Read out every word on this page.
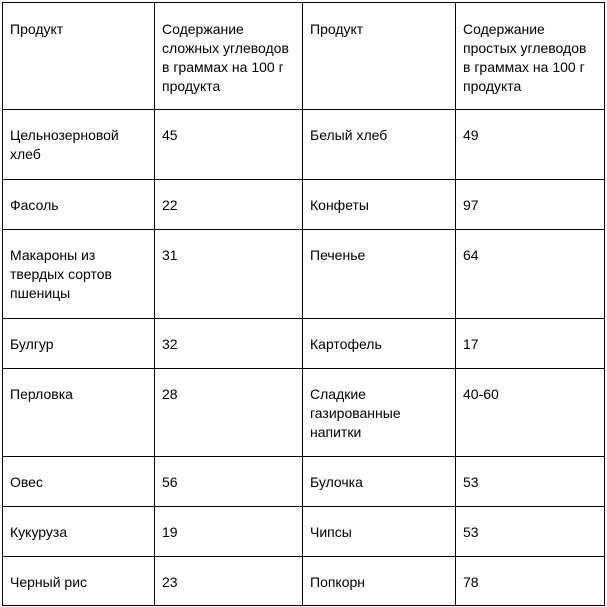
Продукт	Содержание сложных углеводов в граммах на 100 г продукта	Продукт	Содержание простых углеводов в граммах на 100 г продукта
Цельнозерновой хлеб	45	Белый хлеб	49
Фасоль	22	Конфеты	97
Макароны из твердых сортов пшеницы	31	Печенье	64
Булгур	32	Картофель	17
Перловка	28	Сладкие газированные напитки	40-60
Овес	56	Булочка	53
Кукуруза	19	Чипсы	53
Черный рис	23	Попкорн	78
